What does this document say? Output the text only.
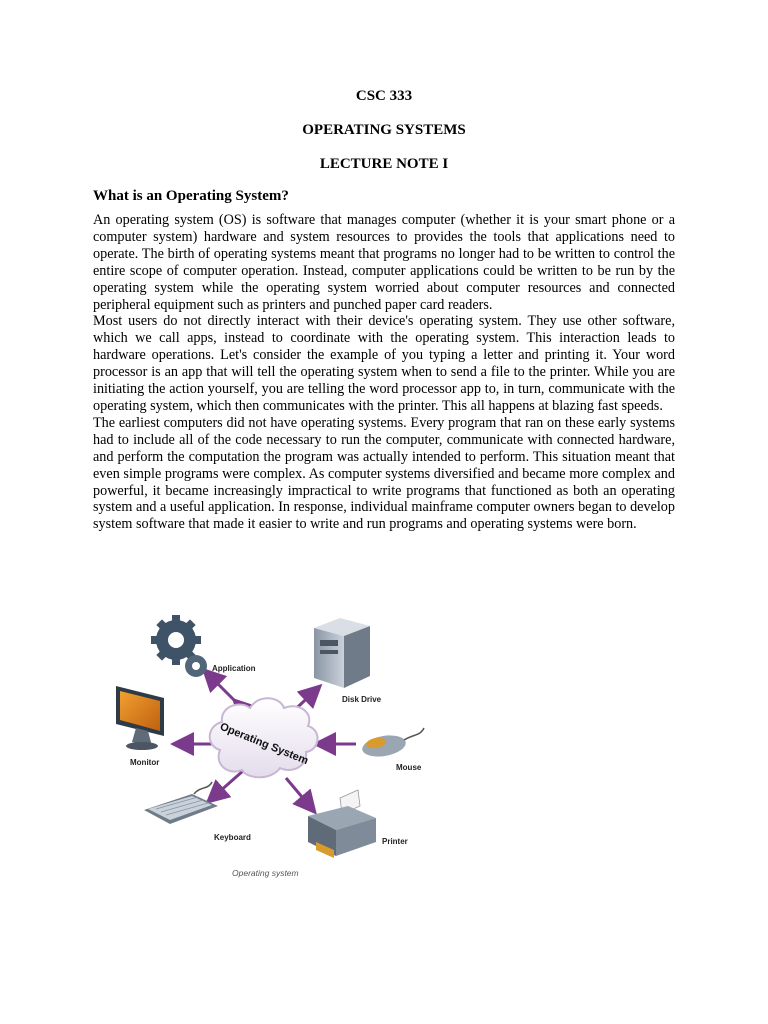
CSC 333
OPERATING SYSTEMS
LECTURE NOTE I
What is an Operating System?

An operating system (OS) is software that manages computer (whether it is your smart phone or a computer system) hardware and system resources to provides the tools that applications need to operate. The birth of operating systems meant that programs no longer had to be written to control the entire scope of computer operation. Instead, computer applications could be written to be run by the operating system while the operating system worried about computer resources and connected peripheral equipment such as printers and punched paper card readers.

Most users do not directly interact with their device's operating system. They use other software, which we call apps, instead to coordinate with the operating system. This interaction leads to hardware operations. Let's consider the example of you typing a letter and printing it. Your word processor is an app that will tell the operating system when to send a file to the printer. While you are initiating the action yourself, you are telling the word processor app to, in turn, communicate with the operating system, which then communicates with the printer. This all happens at blazing fast speeds.

The earliest computers did not have operating systems. Every program that ran on these early systems had to include all of the code necessary to run the computer, communicate with connected hardware, and perform the computation the program was actually intended to perform. This situation meant that even simple programs were complex. As computer systems diversified and became more complex and powerful, it became increasingly impractical to write programs that functioned as both an operating system and a useful application. In response, individual mainframe computer owners began to develop system software that made it easier to write and run programs and operating systems were born.

Operating System
Application
Disk Drive
Monitor
Mouse
Keyboard	Printer
Operating system
